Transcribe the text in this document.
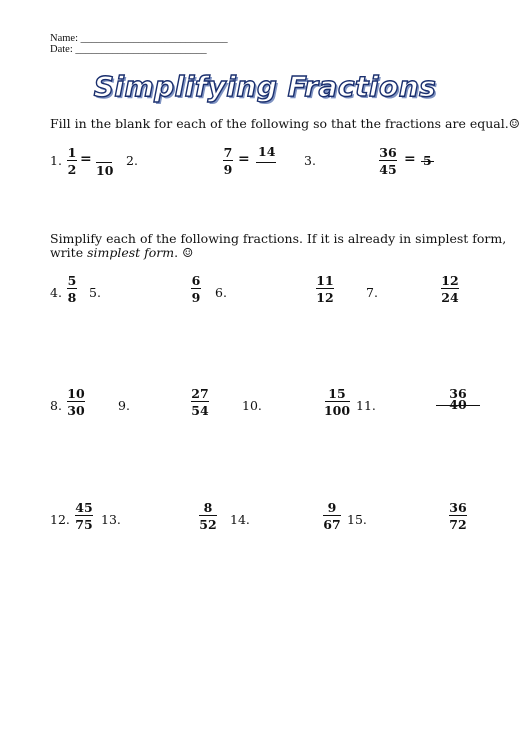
Name: ____________________________
Date: _________________________
Simplifying Fractions
Fill in the blank for each of the following so that the fractions are equal.☺
1.
1
2
=
10
2.
7
9
= 14
3.
36
45
= 5
Simplify each of the following fractions. If it is already in simplest form,
write simplest form. ☺
4.
5
8	5.
6
9	6.
11
12	7.
12
24
8.
10
30	9.
27
54	10.
15
100 11.
36
40
12.
45
75 13.
8
52	14.
9
67 15.
36
72
